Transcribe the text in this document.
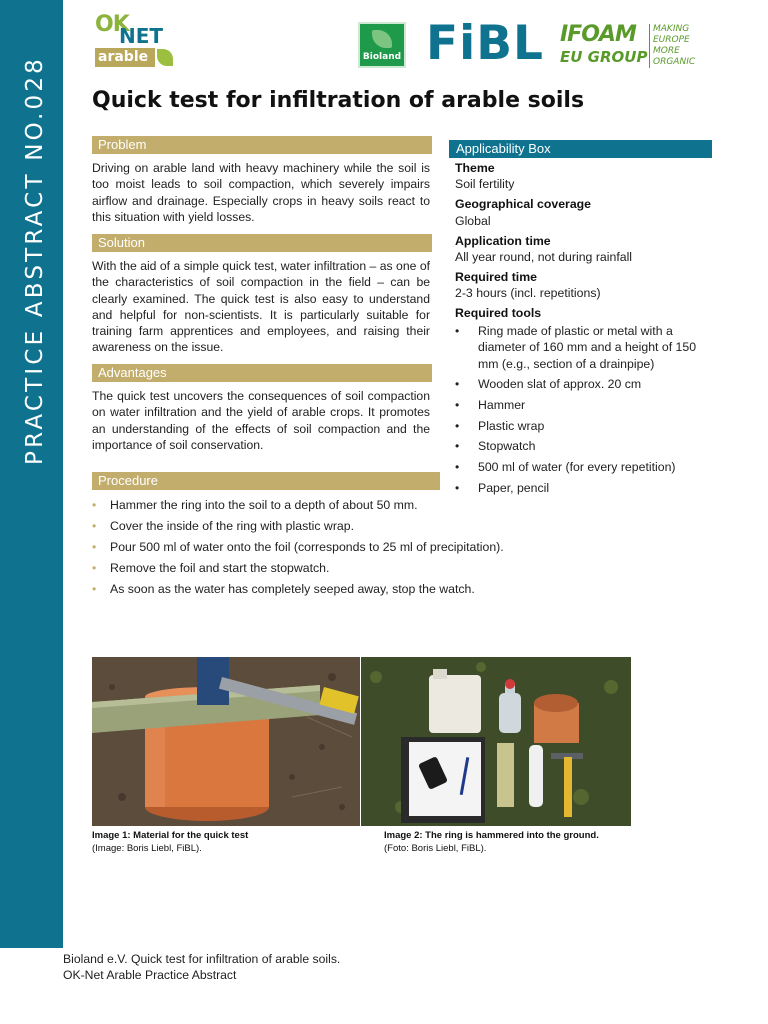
PRACTICE ABSTRACT NO.028
OK
NET
arable	Bioland FiBL IFOAM
EU GROUP
MAKING
EUROPE
MORE
ORGANIC
Quick test for infiltration of arable soils
Problem

Driving on arable land with heavy machinery while the soil is too moist leads to soil compaction, which severely impairs airflow and drainage. Especially crops in heavy soils react to this situation with yield losses.

Solution

With the aid of a simple quick test, water infiltration – as one of the characteristics of soil compaction in the field – can be clearly examined. The quick test is also easy to understand and helpful for non-scientists. It is particularly suitable for training farm apprentices and employees, and raising their awareness on the issue.

Advantages

The quick test uncovers the consequences of soil compaction on water infiltration and the yield of arable crops. It promotes an understanding of the effects of soil compaction and the importance of soil conservation.

Applicability Box
Theme
Soil fertility
Geographical coverage
Global
Application time
All year round, not during rainfall
Required time
2-3 hours (incl. repetitions)
Required tools
• Ring made of plastic or metal with a diameter of 160 mm and a height of 150 mm (e.g., section of a drainpipe)
• Wooden slat of approx. 20 cm
• Hammer
• Plastic wrap
• Stopwatch
• 500 ml of water (for every repetition)
• Paper, pencil
Procedure
• Hammer the ring into the soil to a depth of about 50 mm.
• Cover the inside of the ring with plastic wrap.
• Pour 500 ml of water onto the foil (corresponds to 25 ml of precipitation).
• Remove the foil and start the stopwatch.
• As soon as the water has completely seeped away, stop the watch.
Image 1: Material for the quick test
(Image: Boris Liebl, FiBL).
Image 2: The ring is hammered into the ground.
(Foto: Boris Liebl, FiBL).
Bioland e.V. Quick test for infiltration of arable soils.
OK-Net Arable Practice Abstract
